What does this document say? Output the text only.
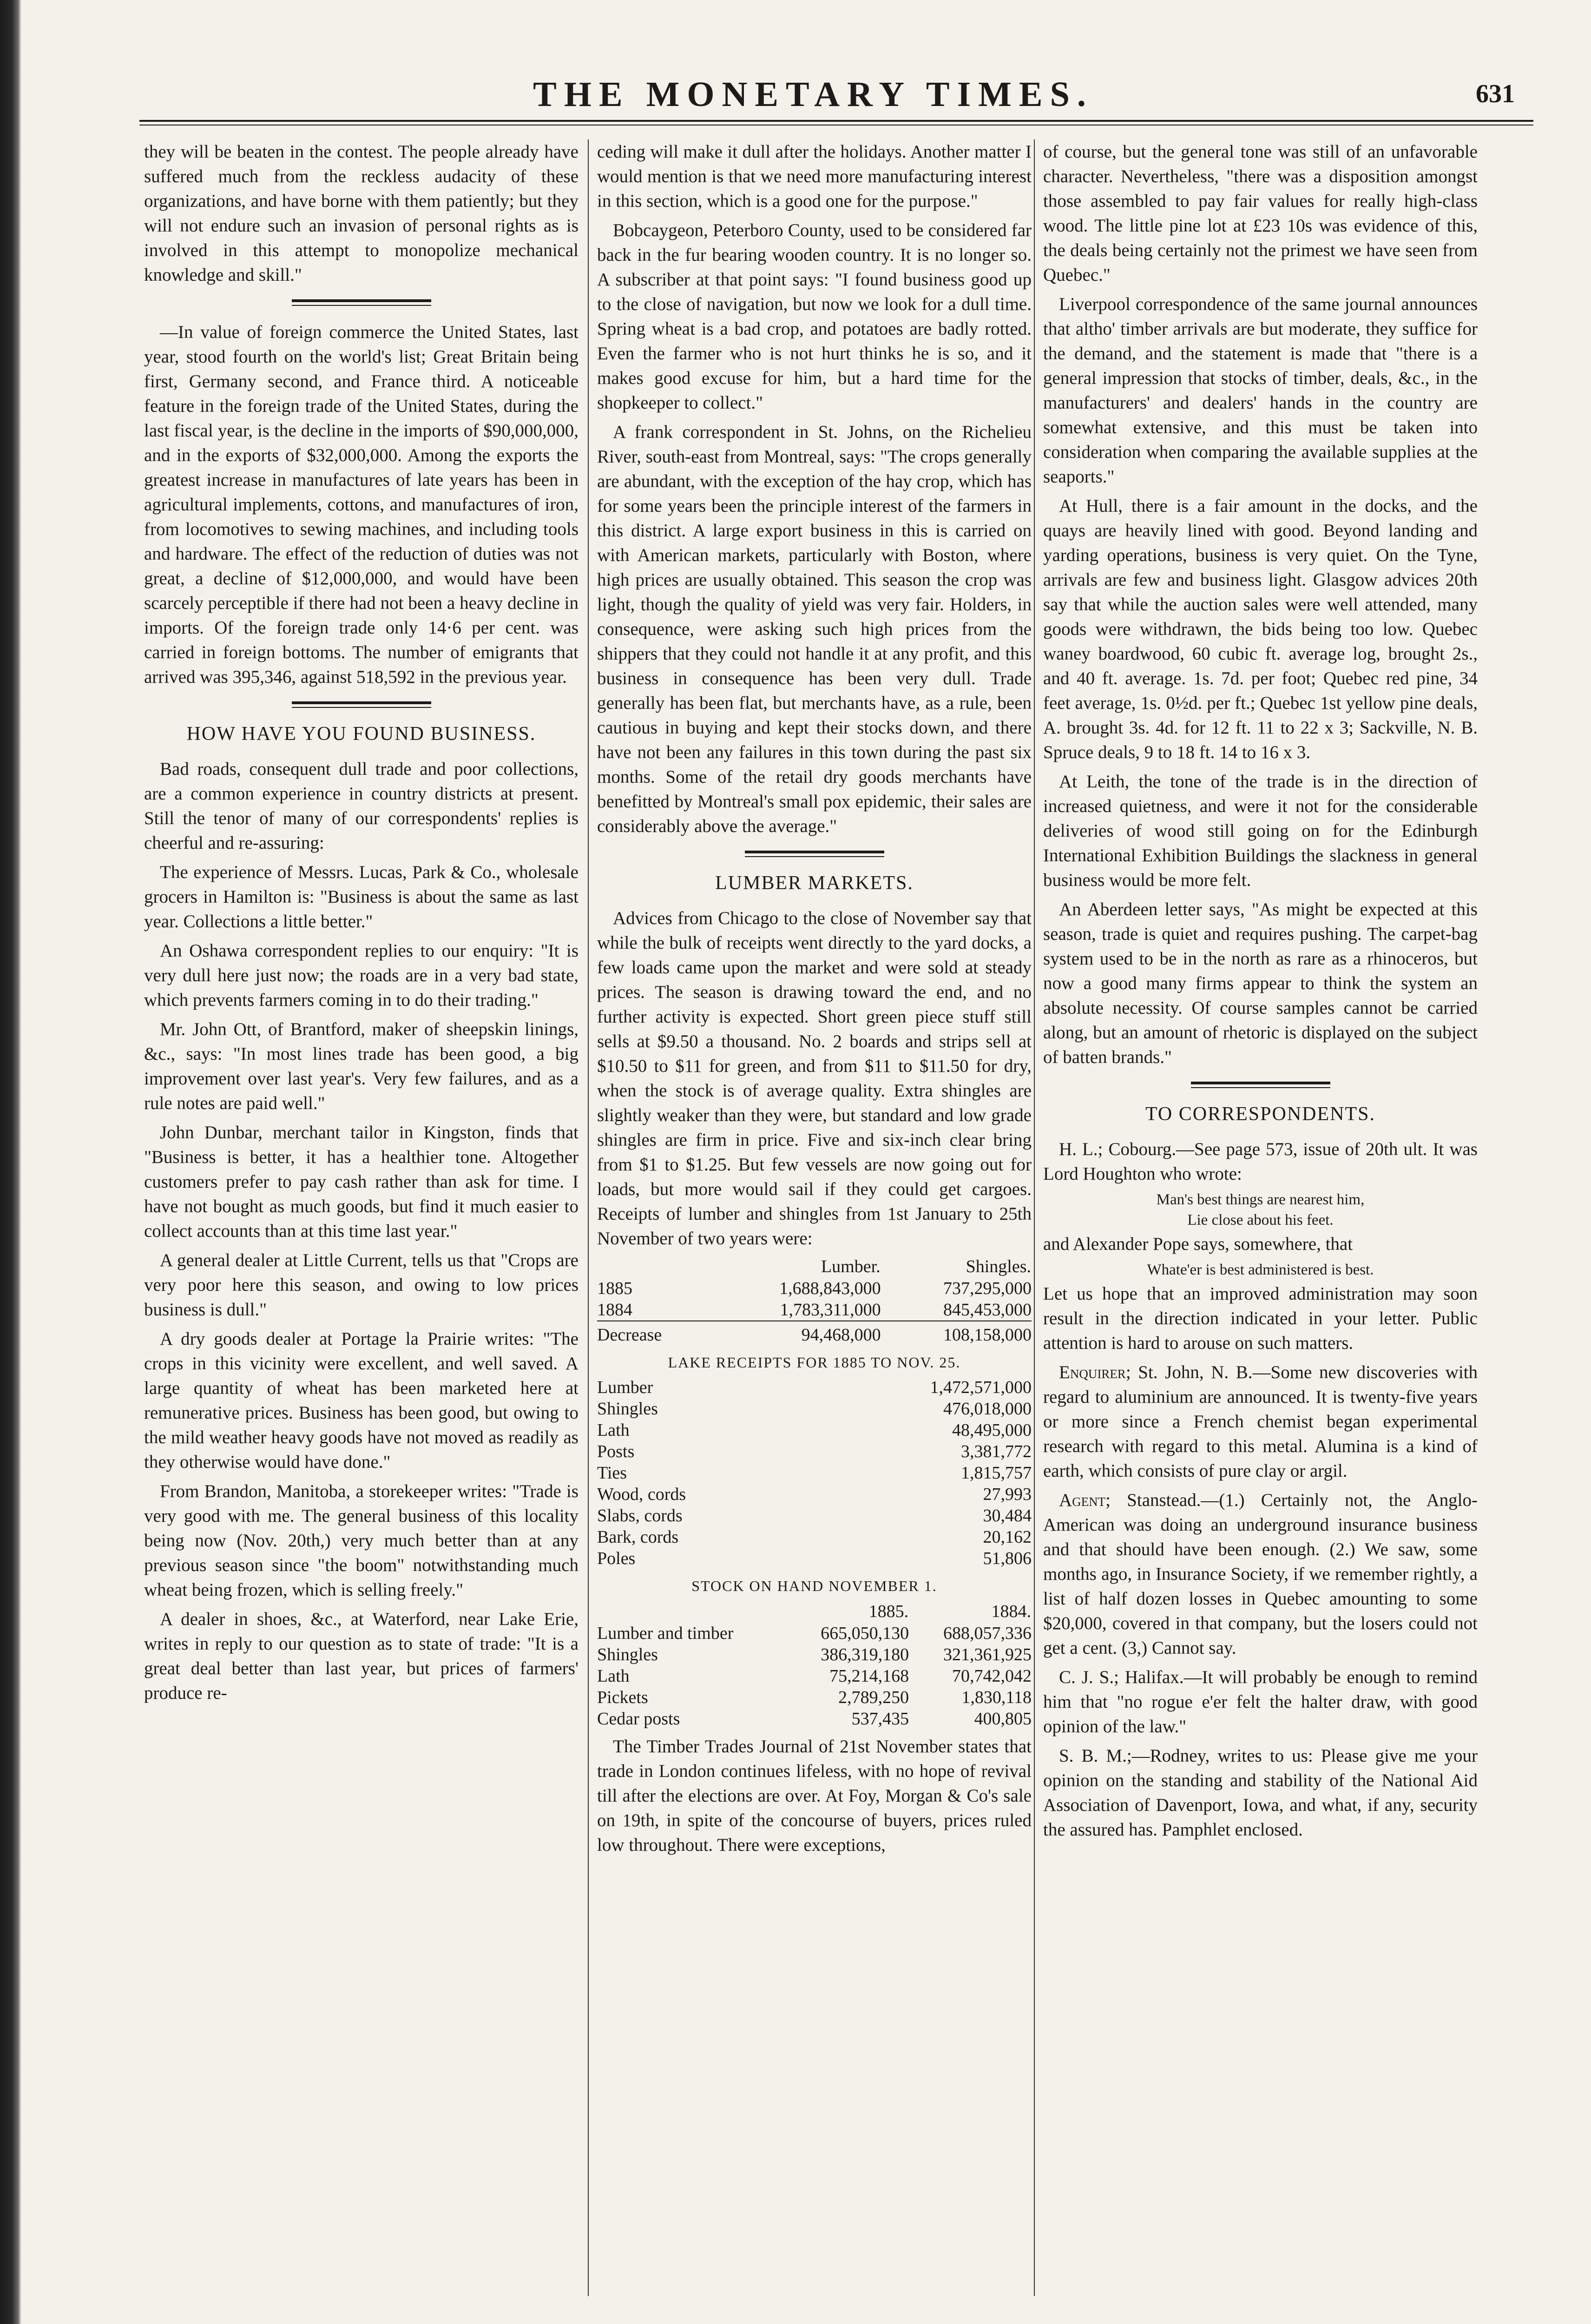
THE MONETARY TIMES.	631

they will be beaten in the contest. The people already have suffered much from the reckless audacity of these organizations, and have borne with them patiently; but they will not endure such an invasion of personal rights as is involved in this attempt to monopolize mechanical knowledge and skill."

—In value of foreign commerce the United States, last year, stood fourth on the world's list; Great Britain being first, Germany second, and France third. A noticeable feature in the foreign trade of the United States, during the last fiscal year, is the decline in the imports of $90,000,000, and in the exports of $32,000,000. Among the exports the greatest increase in manufactures of late years has been in agricultural implements, cottons, and manufactures of iron, from locomotives to sewing machines, and including tools and hardware. The effect of the reduction of duties was not great, a decline of $12,000,000, and would have been scarcely perceptible if there had not been a heavy decline in imports. Of the foreign trade only 14·6 per cent. was carried in foreign bottoms. The number of emigrants that arrived was 395,346, against 518,592 in the previous year.

HOW HAVE YOU FOUND BUSINESS.

Bad roads, consequent dull trade and poor collections, are a common experience in country districts at present. Still the tenor of many of our correspondents' replies is cheerful and re-assuring:

The experience of Messrs. Lucas, Park & Co., wholesale grocers in Hamilton is: "Business is about the same as last year. Collections a little better."

An Oshawa correspondent replies to our enquiry: "It is very dull here just now; the roads are in a very bad state, which prevents farmers coming in to do their trading."

Mr. John Ott, of Brantford, maker of sheepskin linings, &c., says: "In most lines trade has been good, a big improvement over last year's. Very few failures, and as a rule notes are paid well."

John Dunbar, merchant tailor in Kingston, finds that "Business is better, it has a healthier tone. Altogether customers prefer to pay cash rather than ask for time. I have not bought as much goods, but find it much easier to collect accounts than at this time last year."

A general dealer at Little Current, tells us that "Crops are very poor here this season, and owing to low prices business is dull."

A dry goods dealer at Portage la Prairie writes: "The crops in this vicinity were excellent, and well saved. A large quantity of wheat has been marketed here at remunerative prices. Business has been good, but owing to the mild weather heavy goods have not moved as readily as they otherwise would have done."

From Brandon, Manitoba, a storekeeper writes: "Trade is very good with me. The general business of this locality being now (Nov. 20th,) very much better than at any previous season since "the boom" notwithstanding much wheat being frozen, which is selling freely."

A dealer in shoes, &c., at Waterford, near Lake Erie, writes in reply to our question as to state of trade: "It is a great deal better than last year, but prices of farmers' produce re-

ceding will make it dull after the holidays. Another matter I would mention is that we need more manufacturing interest in this section, which is a good one for the purpose."

Bobcaygeon, Peterboro County, used to be considered far back in the fur bearing wooden country. It is no longer so. A subscriber at that point says: "I found business good up to the close of navigation, but now we look for a dull time. Spring wheat is a bad crop, and potatoes are badly rotted. Even the farmer who is not hurt thinks he is so, and it makes good excuse for him, but a hard time for the shopkeeper to collect."

A frank correspondent in St. Johns, on the Richelieu River, south-east from Montreal, says: "The crops generally are abundant, with the exception of the hay crop, which has for some years been the principle interest of the farmers in this district. A large export business in this is carried on with American markets, particularly with Boston, where high prices are usually obtained. This season the crop was light, though the quality of yield was very fair. Holders, in consequence, were asking such high prices from the shippers that they could not handle it at any profit, and this business in consequence has been very dull. Trade generally has been flat, but merchants have, as a rule, been cautious in buying and kept their stocks down, and there have not been any failures in this town during the past six months. Some of the retail dry goods merchants have benefitted by Montreal's small pox epidemic, their sales are considerably above the average."

LUMBER MARKETS.

Advices from Chicago to the close of November say that while the bulk of receipts went directly to the yard docks, a few loads came upon the market and were sold at steady prices. The season is drawing toward the end, and no further activity is expected. Short green piece stuff still sells at $9.50 a thousand. No. 2 boards and strips sell at $10.50 to $11 for green, and from $11 to $11.50 for dry, when the stock is of average quality. Extra shingles are slightly weaker than they were, but standard and low grade shingles are firm in price. Five and six-inch clear bring from $1 to $1.25. But few vessels are now going out for loads, but more would sail if they could get cargoes. Receipts of lumber and shingles from 1st January to 25th November of two years were:

	Lumber.	Shingles.
1885	1,688,843,000	737,295,000
1884	1,783,311,000	845,453,000
Decrease	94,468,000	108,158,000
LAKE RECEIPTS FOR 1885 TO NOV. 25.
Lumber	1,472,571,000
Shingles	476,018,000
Lath	48,495,000
Posts	3,381,772
Ties	1,815,757
Wood, cords	27,993
Slabs, cords	30,484
Bark, cords	20,162
Poles	51,806
STOCK ON HAND NOVEMBER 1.
	1885.	1884.
Lumber and timber	665,050,130	688,057,336
Shingles	386,319,180	321,361,925
Lath	75,214,168	70,742,042
Pickets	2,789,250	1,830,118
Cedar posts	537,435	400,805

The Timber Trades Journal of 21st November states that trade in London continues lifeless, with no hope of revival till after the elections are over. At Foy, Morgan & Co's sale on 19th, in spite of the concourse of buyers, prices ruled low throughout. There were exceptions,

of course, but the general tone was still of an unfavorable character. Nevertheless, "there was a disposition amongst those assembled to pay fair values for really high-class wood. The little pine lot at £23 10s was evidence of this, the deals being certainly not the primest we have seen from Quebec."

Liverpool correspondence of the same journal announces that altho' timber arrivals are but moderate, they suffice for the demand, and the statement is made that "there is a general impression that stocks of timber, deals, &c., in the manufacturers' and dealers' hands in the country are somewhat extensive, and this must be taken into consideration when comparing the available supplies at the seaports."

At Hull, there is a fair amount in the docks, and the quays are heavily lined with good. Beyond landing and yarding operations, business is very quiet. On the Tyne, arrivals are few and business light. Glasgow advices 20th say that while the auction sales were well attended, many goods were withdrawn, the bids being too low. Quebec waney boardwood, 60 cubic ft. average log, brought 2s., and 40 ft. average. 1s. 7d. per foot; Quebec red pine, 34 feet average, 1s. 0½d. per ft.; Quebec 1st yellow pine deals, A. brought 3s. 4d. for 12 ft. 11 to 22 x 3; Sackville, N. B. Spruce deals, 9 to 18 ft. 14 to 16 x 3.

At Leith, the tone of the trade is in the direction of increased quietness, and were it not for the considerable deliveries of wood still going on for the Edinburgh International Exhibition Buildings the slackness in general business would be more felt.

An Aberdeen letter says, "As might be expected at this season, trade is quiet and requires pushing. The carpet-bag system used to be in the north as rare as a rhinoceros, but now a good many firms appear to think the system an absolute necessity. Of course samples cannot be carried along, but an amount of rhetoric is displayed on the subject of batten brands."

TO CORRESPONDENTS.

H. L.; Cobourg.—See page 573, issue of 20th ult. It was Lord Houghton who wrote:

Man's best things are nearest him,
Lie close about his feet.

and Alexander Pope says, somewhere, that

Whate'er is best administered is best.

Let us hope that an improved administration may soon result in the direction indicated in your letter. Public attention is hard to arouse on such matters.

Enquirer; St. John, N. B.—Some new discoveries with regard to aluminium are announced. It is twenty-five years or more since a French chemist began experimental research with regard to this metal. Alumina is a kind of earth, which consists of pure clay or argil.

Agent; Stanstead.—(1.) Certainly not, the Anglo-American was doing an underground insurance business and that should have been enough. (2.) We saw, some months ago, in Insurance Society, if we remember rightly, a list of half dozen losses in Quebec amounting to some $20,000, covered in that company, but the losers could not get a cent. (3,) Cannot say.

C. J. S.; Halifax.—It will probably be enough to remind him that "no rogue e'er felt the halter draw, with good opinion of the law."

S. B. M.;—Rodney, writes to us: Please give me your opinion on the standing and stability of the National Aid Association of Davenport, Iowa, and what, if any, security the assured has. Pamphlet enclosed.
